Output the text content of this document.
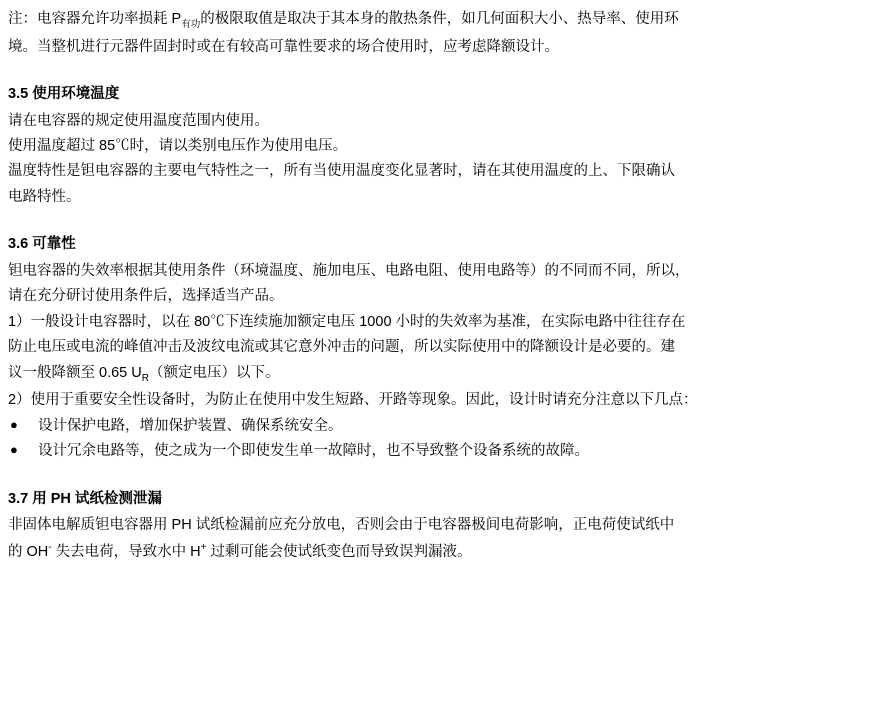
注：电容器允许功率损耗 $P_{有功}$的极限取值是取决于其本身的散热条件，如几何面积大小、热导率、使用环

境。当整机进行元器件固封时或在有较高可靠性要求的场合使用时，应考虑降额设计。

3.5 使用环境温度

请在电容器的规定使用温度范围内使用。

使用温度超过 85℃时，请以类别电压作为使用电压。

温度特性是钽电容器的主要电气特性之一，所有当使用温度变化显著时，请在其使用温度的上、下限确认

电路特性。

3.6 可靠性

钽电容器的失效率根据其使用条件（环境温度、施加电压、电路电阻、使用电路等）的不同而不同，所以，

请在充分研讨使用条件后，选择适当产品。

1）一般设计电容器时，以在 80℃下连续施加额定电压 1000 小时的失效率为基准，在实际电路中往往存在

防止电压或电流的峰值冲击及波纹电流或其它意外冲击的问题，所以实际使用中的降额设计是必要的。建

议一般降额至 0.65 $U_R$（额定电压）以下。

2）使用于重要安全性设备时，为防止在使用中发生短路、开路等现象。因此，设计时请充分注意以下几点：

●	设计保护电路，增加保护装置、确保系统安全。
●	设计冗余电路等，使之成为一个即使发生单一故障时，也不导致整个设备系统的故障。

3.7 用 PH 试纸检测泄漏

非固体电解质钽电容器用 PH 试纸检漏前应充分放电，否则会由于电容器极间电荷影响，正电荷使试纸中

的 OH- 失去电荷，导致水中 H+ 过剩可能会使试纸变色而导致误判漏液。
